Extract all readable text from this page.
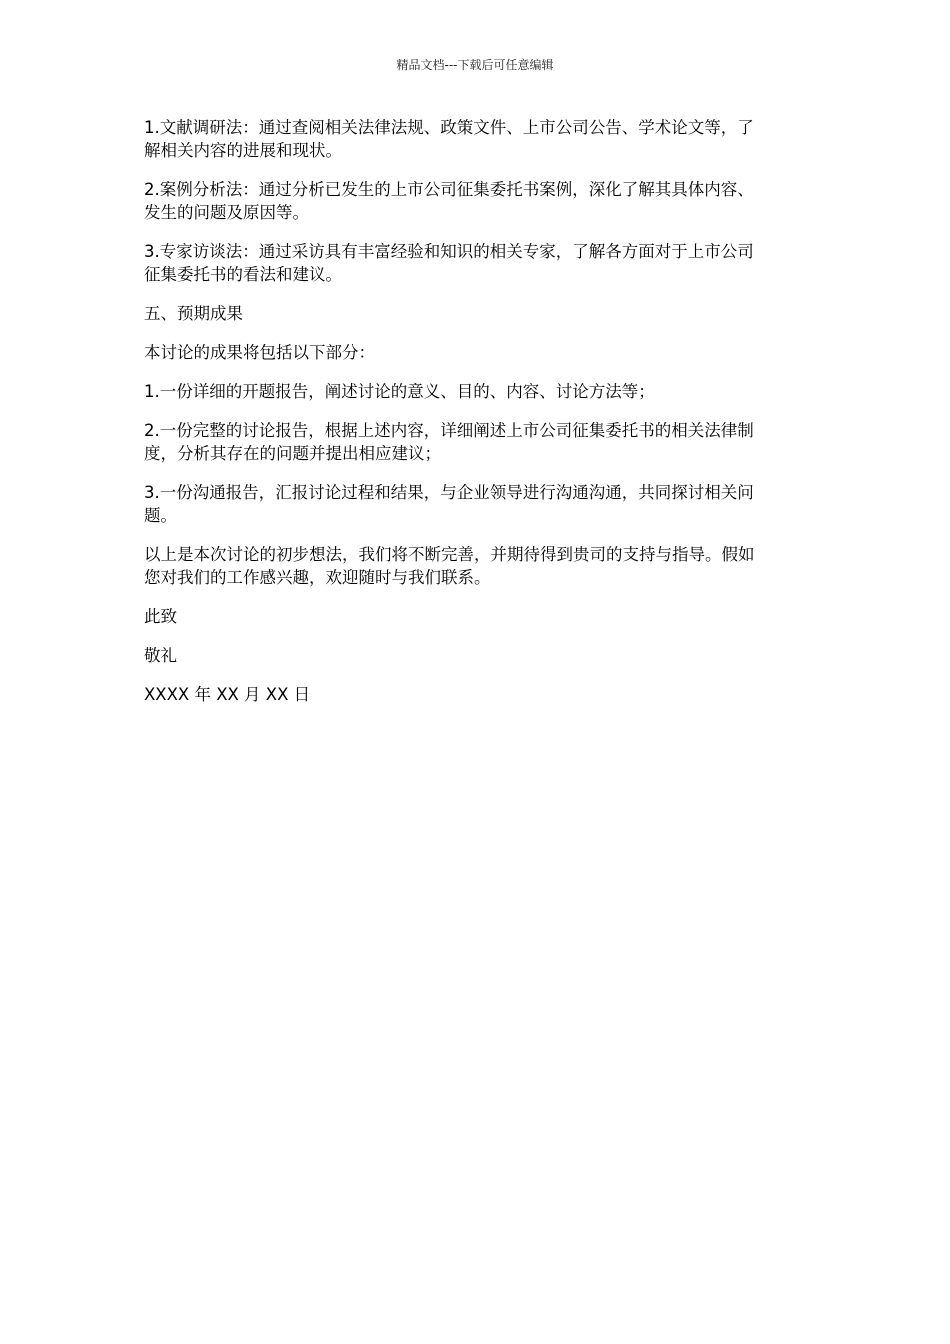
精品文档---下载后可任意编辑

1.文献调研法：通过查阅相关法律法规、政策文件、上市公司公告、学术论文等，了
解相关内容的进展和现状。

2.案例分析法：通过分析已发生的上市公司征集委托书案例，深化了解其具体内容、
发生的问题及原因等。

3.专家访谈法：通过采访具有丰富经验和知识的相关专家，了解各方面对于上市公司
征集委托书的看法和建议。

五、预期成果

本讨论的成果将包括以下部分：

1.一份详细的开题报告，阐述讨论的意义、目的、内容、讨论方法等；

2.一份完整的讨论报告，根据上述内容，详细阐述上市公司征集委托书的相关法律制
度，分析其存在的问题并提出相应建议；

3.一份沟通报告，汇报讨论过程和结果，与企业领导进行沟通沟通，共同探讨相关问
题。

以上是本次讨论的初步想法，我们将不断完善，并期待得到贵司的支持与指导。假如
您对我们的工作感兴趣，欢迎随时与我们联系。

此致

敬礼

XXXX 年 XX 月 XX 日
